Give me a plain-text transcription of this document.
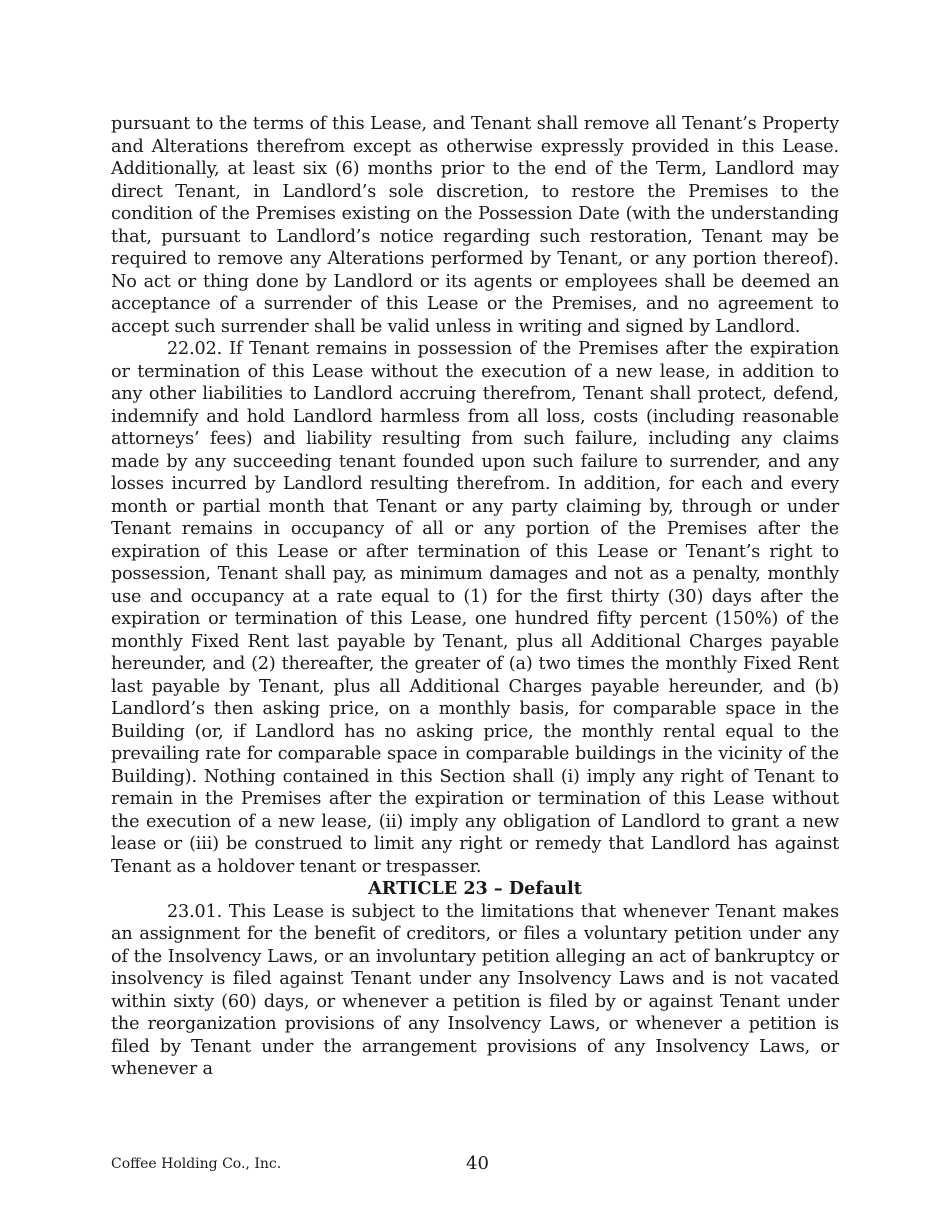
pursuant to the terms of this Lease, and Tenant shall remove all Tenant’s Property and Alterations therefrom except as otherwise expressly provided in this Lease. Additionally, at least six (6) months prior to the end of the Term, Landlord may direct Tenant, in Landlord’s sole discretion, to restore the Premises to the condition of the Premises existing on the Possession Date (with the understanding that, pursuant to Landlord’s notice regarding such restoration, Tenant may be required to remove any Alterations performed by Tenant, or any portion thereof). No act or thing done by Landlord or its agents or employees shall be deemed an acceptance of a surrender of this Lease or the Premises, and no agreement to accept such surrender shall be valid unless in writing and signed by Landlord.

22.02. If Tenant remains in possession of the Premises after the expiration or termination of this Lease without the execution of a new lease, in addition to any other liabilities to Landlord accruing therefrom, Tenant shall protect, defend, indemnify and hold Landlord harmless from all loss, costs (including reasonable attorneys’ fees) and liability resulting from such failure, including any claims made by any succeeding tenant founded upon such failure to surrender, and any losses incurred by Landlord resulting therefrom. In addition, for each and every month or partial month that Tenant or any party claiming by, through or under Tenant remains in occupancy of all or any portion of the Premises after the expiration of this Lease or after termination of this Lease or Tenant’s right to possession, Tenant shall pay, as minimum damages and not as a penalty, monthly use and occupancy at a rate equal to (1) for the first thirty (30) days after the expiration or termination of this Lease, one hundred fifty percent (150%) of the monthly Fixed Rent last payable by Tenant, plus all Additional Charges payable hereunder, and (2) thereafter, the greater of (a) two times the monthly Fixed Rent last payable by Tenant, plus all Additional Charges payable hereunder, and (b) Landlord’s then asking price, on a monthly basis, for comparable space in the Building (or, if Landlord has no asking price, the monthly rental equal to the prevailing rate for comparable space in comparable buildings in the vicinity of the Building). Nothing contained in this Section shall (i) imply any right of Tenant to remain in the Premises after the expiration or termination of this Lease without the execution of a new lease, (ii) imply any obligation of Landlord to grant a new lease or (iii) be construed to limit any right or remedy that Landlord has against Tenant as a holdover tenant or trespasser.

ARTICLE 23 – Default

23.01. This Lease is subject to the limitations that whenever Tenant makes an assignment for the benefit of creditors, or files a voluntary petition under any of the Insolvency Laws, or an involuntary petition alleging an act of bankruptcy or insolvency is filed against Tenant under any Insolvency Laws and is not vacated within sixty (60) days, or whenever a petition is filed by or against Tenant under the reorganization provisions of any Insolvency Laws, or whenever a petition is filed by Tenant under the arrangement provisions of any Insolvency Laws, or whenever a

Coffee Holding Co., Inc.	40
